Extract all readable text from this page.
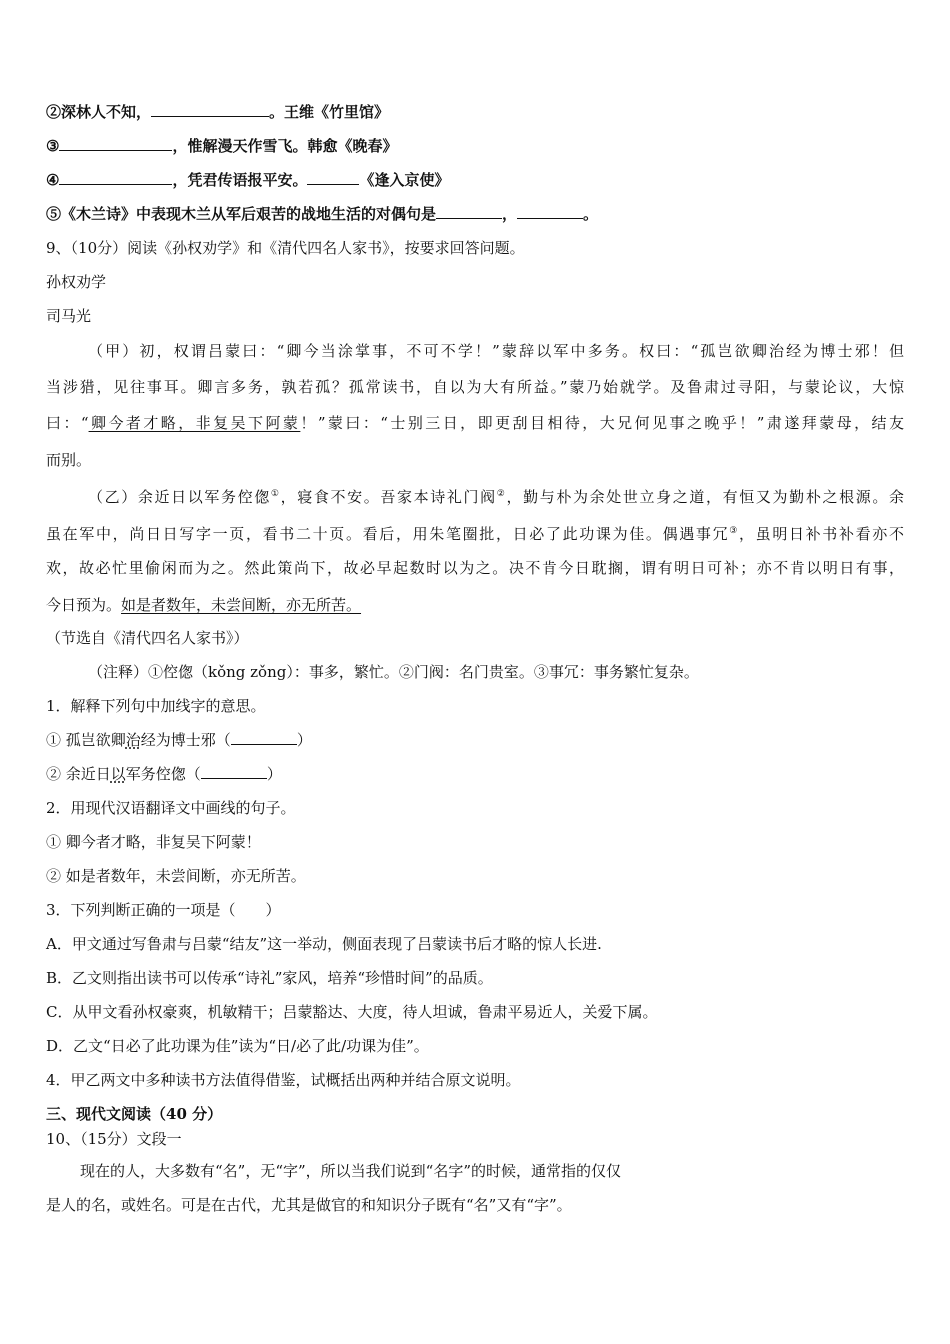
②深林人不知，	。王维《竹里馆》
③	，惟解漫天作雪飞。韩愈《晚春》
④	，凭君传语报平安。	《逢入京使》
⑤《木兰诗》中表现木兰从军后艰苦的战地生活的对偶句是	，	。
9、（10分）阅读《孙权劝学》和《清代四名人家书》，按要求回答问题。
孙权劝学
司马光
（甲）初，权谓吕蒙曰：“卿今当涂掌事，不可不学！”蒙辞以军中多务。权曰：“孤岂欲卿治经为博士邪！但
当涉猎，见往事耳。卿言多务，孰若孤？孤常读书，自以为大有所益。”蒙乃始就学。及鲁肃过寻阳，与蒙论议，大惊
曰：“卿今者才略，非复吴下阿蒙！”蒙曰：“士别三日，即更刮目相待，大兄何见事之晚乎！”肃遂拜蒙母，结友
而别。
（乙）余近日以军务倥偬①，寝食不安。吾家本诗礼门阀②，勤与朴为余处世立身之道，有恒又为勤朴之根源。余
虽在军中，尚日日写字一页，看书二十页。看后，用朱笔圈批，日必了此功课为佳。偶遇事冗③，虽明日补书补看亦不
欢，故必忙里偷闲而为之。然此策尚下，故必早起数时以为之。决不肯今日耽搁，谓有明日可补；亦不肯以明日有事，
今日预为。如是者数年，未尝间断，亦无所苦。
（节选自《清代四名人家书》）
（注释）①倥偬（kǒng zǒng）：事多，繁忙。②门阀：名门贵室。③事冗：事务繁忙复杂。
1．解释下列句中加线字的意思。
① 孤岂欲卿治经为博士邪（	）
② 余近日以军务倥偬（	）
2．用现代汉语翻译文中画线的句子。
① 卿今者才略，非复吴下阿蒙！
② 如是者数年，未尝间断，亦无所苦。
3．下列判断正确的一项是（　　）
A．甲文通过写鲁肃与吕蒙“结友”这一举动，侧面表现了吕蒙读书后才略的惊人长进.
B．乙文则指出读书可以传承“诗礼”家风，培养“珍惜时间”的品质。
C．从甲文看孙权豪爽，机敏精干；吕蒙豁达、大度，待人坦诚，鲁肃平易近人，关爱下属。
D．乙文“日必了此功课为佳”读为“日/必了此/功课为佳”。
4．甲乙两文中多种读书方法值得借鉴，试概括出两种并结合原文说明。
三、现代文阅读（40 分）
10、（15分）文段一
现在的人，大多数有“名”，无“字”，所以当我们说到“名字”的时候，通常指的仅仅
是人的名，或姓名。可是在古代，尤其是做官的和知识分子既有“名”又有“字”。
